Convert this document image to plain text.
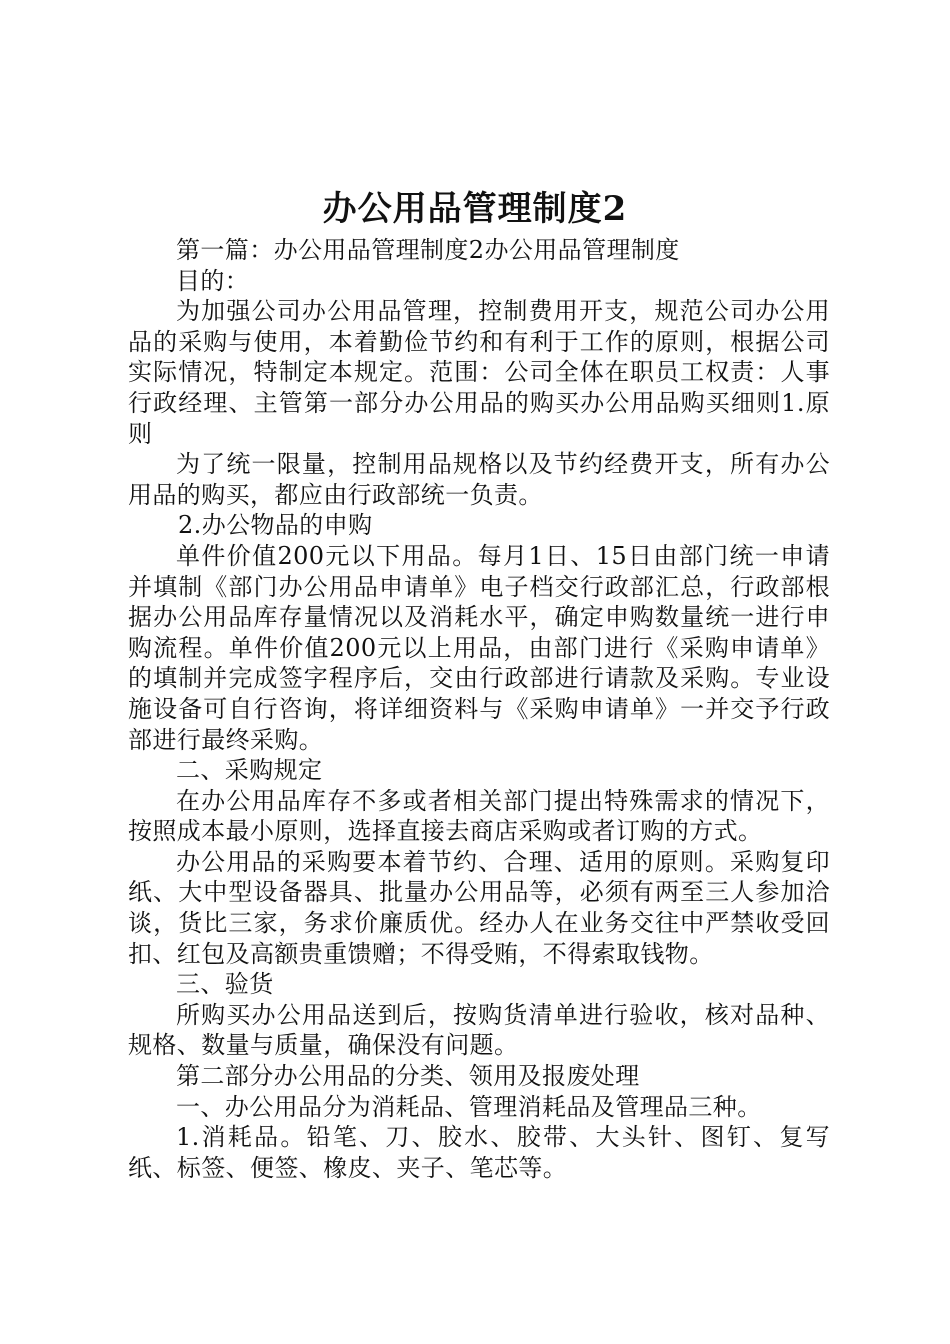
办公用品管理制度2

第一篇：办公用品管理制度2办公用品管理制度

目的：

为加强公司办公用品管理，控制费用开支，规范公司办公用品的采购与使用，本着勤俭节约和有利于工作的原则，根据公司实际情况，特制定本规定。范围：公司全体在职员工权责：人事行政经理、主管第一部分办公用品的购买办公用品购买细则1.原则

为了统一限量，控制用品规格以及节约经费开支，所有办公用品的购买，都应由行政部统一负责。

2.办公物品的申购

单件价值200元以下用品。每月1日、15日由部门统一申请并填制《部门办公用品申请单》电子档交行政部汇总，行政部根据办公用品库存量情况以及消耗水平，确定申购数量统一进行申购流程。单件价值200元以上用品，由部门进行《采购申请单》的填制并完成签字程序后，交由行政部进行请款及采购。专业设施设备可自行咨询，将详细资料与《采购申请单》一并交予行政部进行最终采购。

二、采购规定

在办公用品库存不多或者相关部门提出特殊需求的情况下，按照成本最小原则，选择直接去商店采购或者订购的方式。

办公用品的采购要本着节约、合理、适用的原则。采购复印纸、大中型设备器具、批量办公用品等，必须有两至三人参加洽谈，货比三家，务求价廉质优。经办人在业务交往中严禁收受回扣、红包及高额贵重馈赠；不得受贿，不得索取钱物。

三、验货

所购买办公用品送到后，按购货清单进行验收，核对品种、规格、数量与质量，确保没有问题。

第二部分办公用品的分类、领用及报废处理

一、办公用品分为消耗品、管理消耗品及管理品三种。

1.消耗品。铅笔、刀、胶水、胶带、大头针、图钉、复写纸、标签、便签、橡皮、夹子、笔芯等。
